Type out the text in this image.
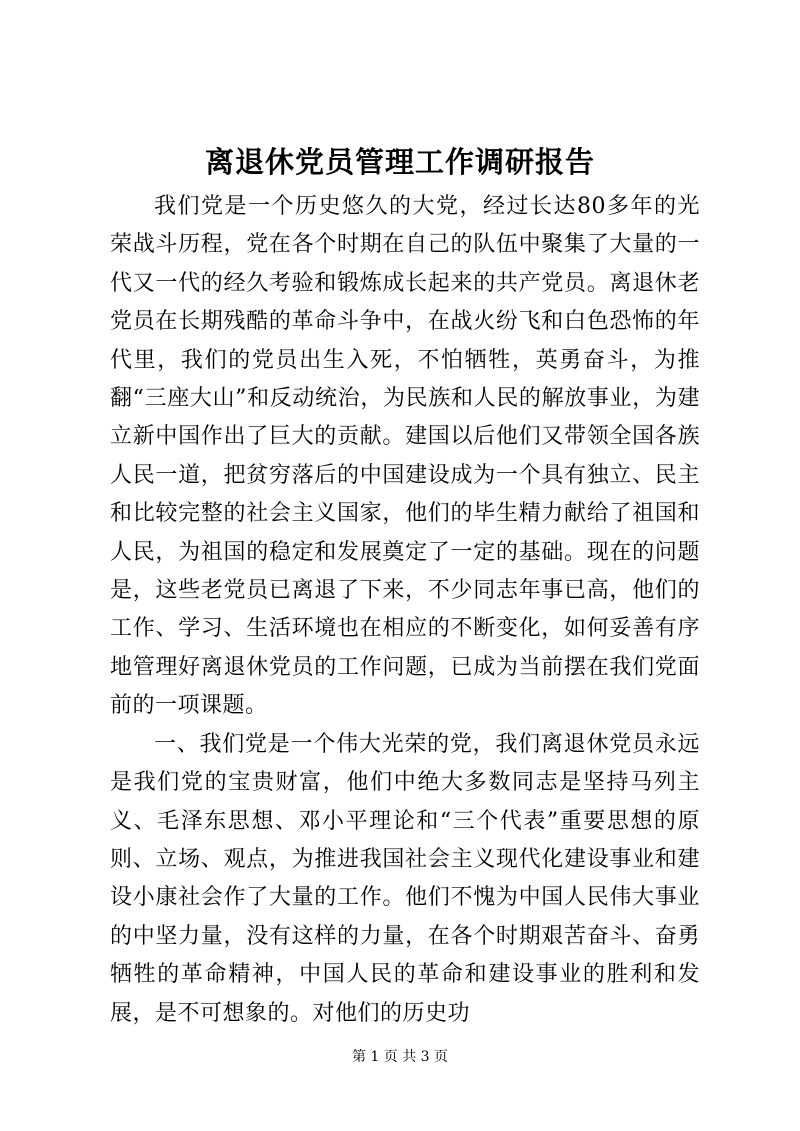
离退休党员管理工作调研报告

我们党是一个历史悠久的大党，经过长达80多年的光荣战斗历程，党在各个时期在自己的队伍中聚集了大量的一代又一代的经久考验和锻炼成长起来的共产党员。离退休老党员在长期残酷的革命斗争中，在战火纷飞和白色恐怖的年代里，我们的党员出生入死，不怕牺牲，英勇奋斗，为推翻“三座大山”和反动统治，为民族和人民的解放事业，为建立新中国作出了巨大的贡献。建国以后他们又带领全国各族人民一道，把贫穷落后的中国建设成为一个具有独立、民主和比较完整的社会主义国家，他们的毕生精力献给了祖国和人民，为祖国的稳定和发展奠定了一定的基础。现在的问题是，这些老党员已离退了下来，不少同志年事已高，他们的工作、学习、生活环境也在相应的不断变化，如何妥善有序地管理好离退休党员的工作问题，已成为当前摆在我们党面前的一项课题。

一、我们党是一个伟大光荣的党，我们离退休党员永远是我们党的宝贵财富，他们中绝大多数同志是坚持马列主义、毛泽东思想、邓小平理论和“三个代表”重要思想的原则、立场、观点，为推进我国社会主义现代化建设事业和建设小康社会作了大量的工作。他们不愧为中国人民伟大事业的中坚力量，没有这样的力量，在各个时期艰苦奋斗、奋勇牺牲的革命精神，中国人民的革命和建设事业的胜利和发展，是不可想象的。对他们的历史功

第 1 页 共 3 页
